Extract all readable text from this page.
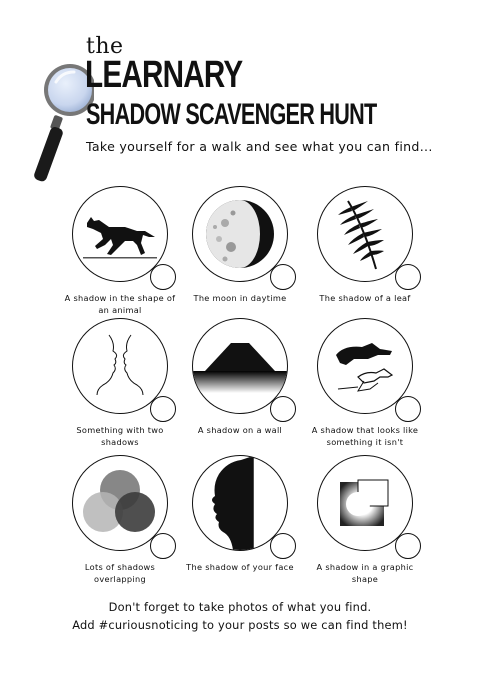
the
LEARNARY
SHADOW SCAVENGER HUNT
Take yourself for a walk and see what you can find...
A shadow in the shape of an animal
The moon in daytime	The shadow of a leaf
Something with two shadows
A shadow on a wall	A shadow that looks like something it isn't
Lots of shadows overlapping
The shadow of your face	A shadow in a graphic shape
Don't forget to take photos of what you find.
Add #curiousnoticing to your posts so we can find them!
